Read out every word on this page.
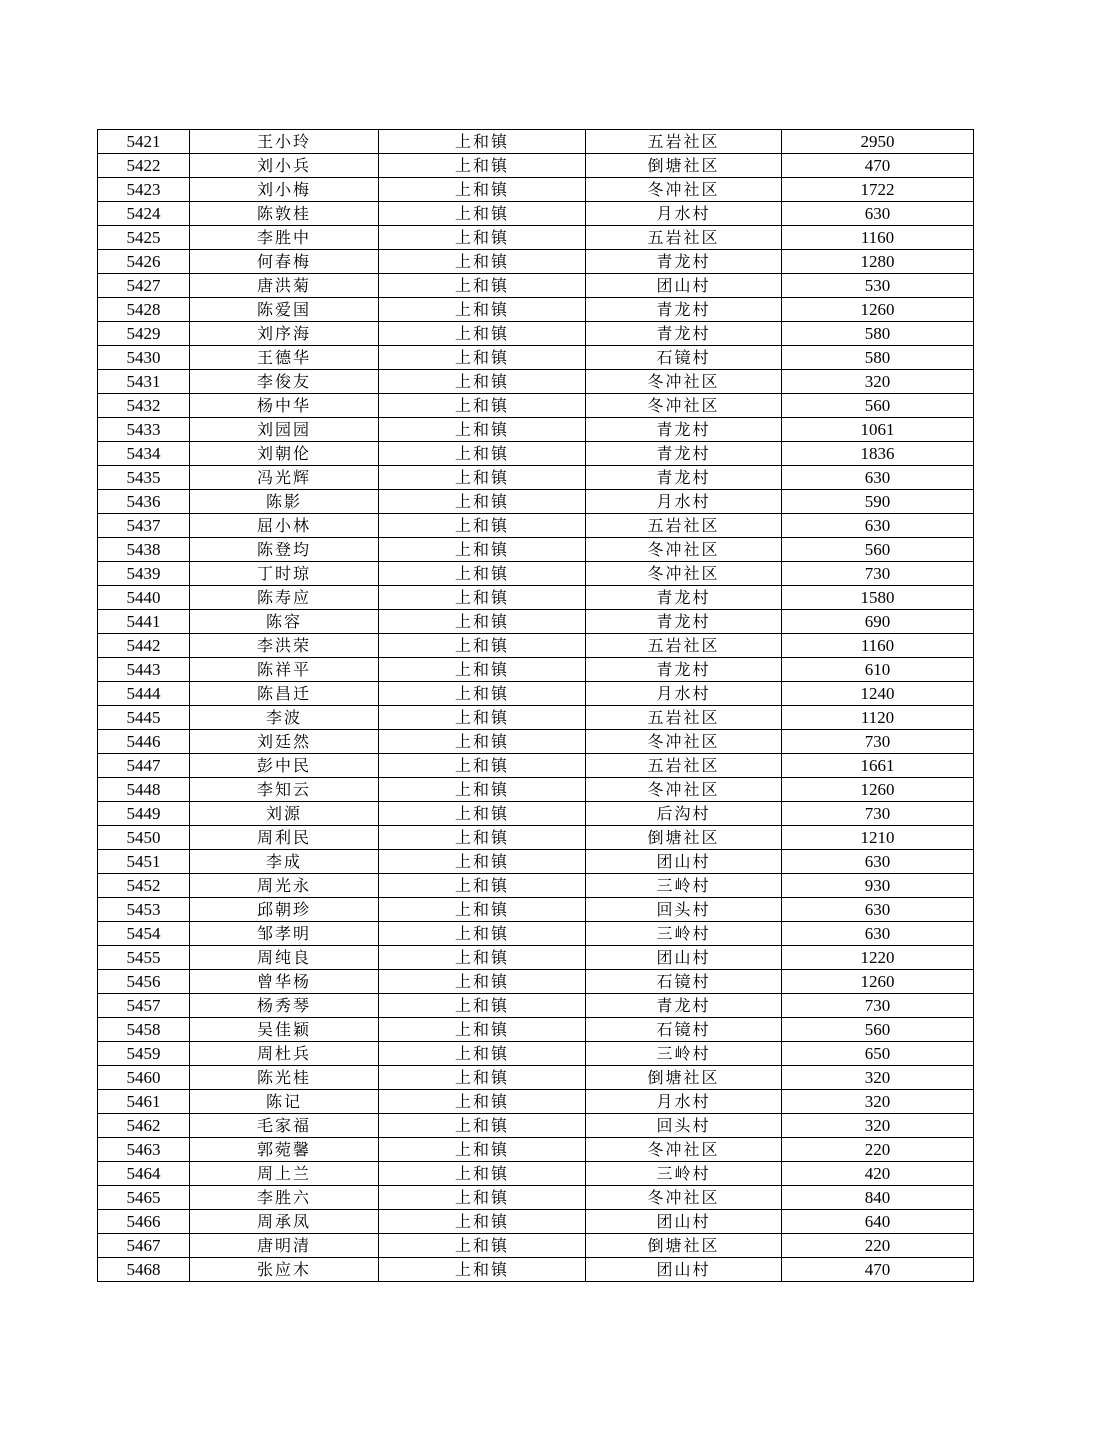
5421	王小玲	上和镇	五岩社区	2950
5422	刘小兵	上和镇	倒塘社区	470
5423	刘小梅	上和镇	冬冲社区	1722
5424	陈敦桂	上和镇	月水村	630
5425	李胜中	上和镇	五岩社区	1160
5426	何春梅	上和镇	青龙村	1280
5427	唐洪菊	上和镇	团山村	530
5428	陈爱国	上和镇	青龙村	1260
5429	刘序海	上和镇	青龙村	580
5430	王德华	上和镇	石镜村	580
5431	李俊友	上和镇	冬冲社区	320
5432	杨中华	上和镇	冬冲社区	560
5433	刘园园	上和镇	青龙村	1061
5434	刘朝伦	上和镇	青龙村	1836
5435	冯光辉	上和镇	青龙村	630
5436	陈影	上和镇	月水村	590
5437	屈小林	上和镇	五岩社区	630
5438	陈登均	上和镇	冬冲社区	560
5439	丁时琼	上和镇	冬冲社区	730
5440	陈寿应	上和镇	青龙村	1580
5441	陈容	上和镇	青龙村	690
5442	李洪荣	上和镇	五岩社区	1160
5443	陈祥平	上和镇	青龙村	610
5444	陈昌迁	上和镇	月水村	1240
5445	李波	上和镇	五岩社区	1120
5446	刘廷然	上和镇	冬冲社区	730
5447	彭中民	上和镇	五岩社区	1661
5448	李知云	上和镇	冬冲社区	1260
5449	刘源	上和镇	后沟村	730
5450	周利民	上和镇	倒塘社区	1210
5451	李成	上和镇	团山村	630
5452	周光永	上和镇	三岭村	930
5453	邱朝珍	上和镇	回头村	630
5454	邹孝明	上和镇	三岭村	630
5455	周纯良	上和镇	团山村	1220
5456	曾华杨	上和镇	石镜村	1260
5457	杨秀琴	上和镇	青龙村	730
5458	吴佳颖	上和镇	石镜村	560
5459	周杜兵	上和镇	三岭村	650
5460	陈光桂	上和镇	倒塘社区	320
5461	陈记	上和镇	月水村	320
5462	毛家福	上和镇	回头村	320
5463	郭菀馨	上和镇	冬冲社区	220
5464	周上兰	上和镇	三岭村	420
5465	李胜六	上和镇	冬冲社区	840
5466	周承凤	上和镇	团山村	640
5467	唐明清	上和镇	倒塘社区	220
5468	张应木	上和镇	团山村	470
